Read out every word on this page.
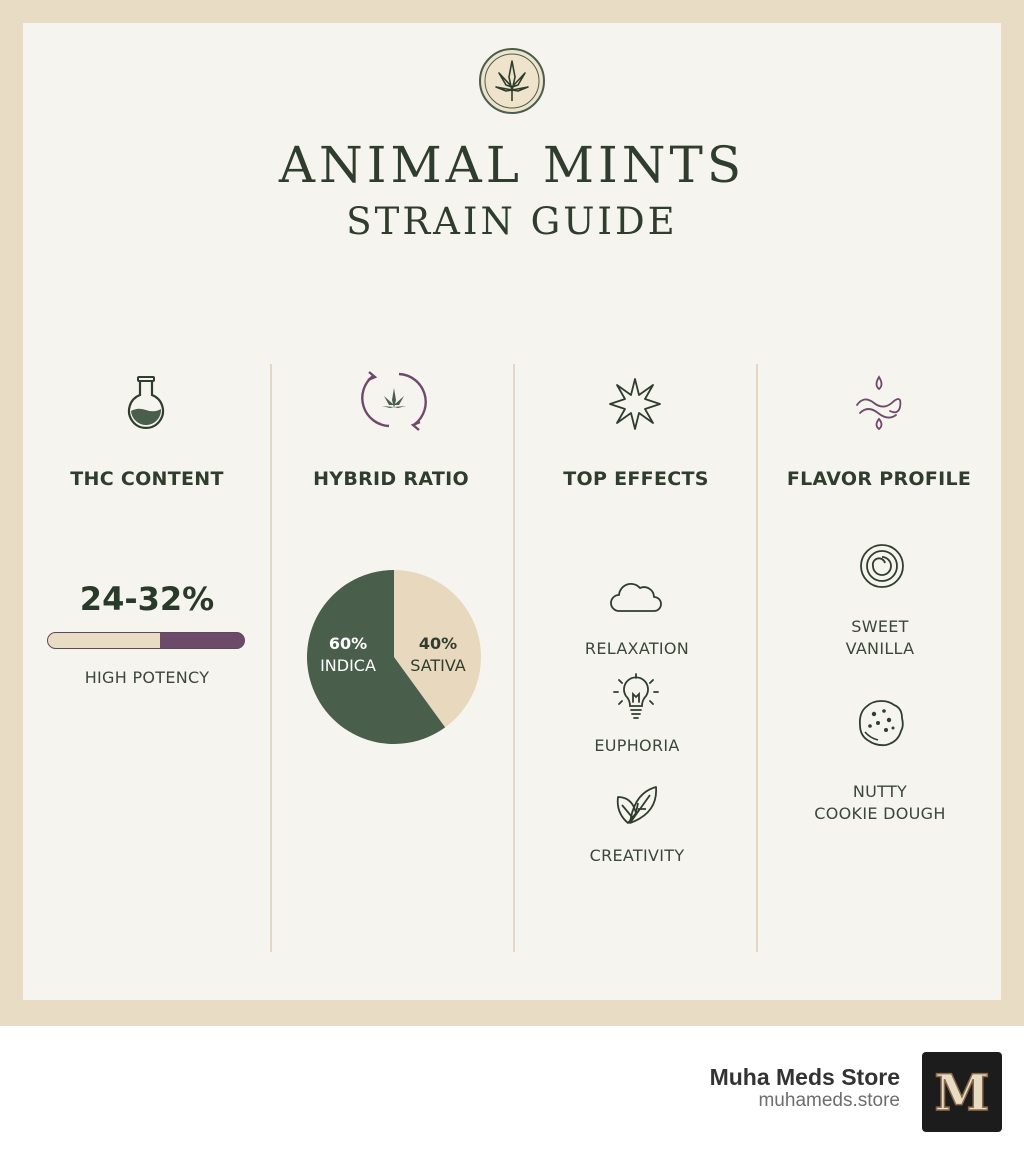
ANIMAL MINTS
STRAIN GUIDE
THC CONTENT
24-32%
HIGH POTENCY
HYBRID RATIO
60%
INDICA
40%
SATIVA
TOP EFFECTS
RELAXATION
EUPHORIA
CREATIVITY
FLAVOR PROFILE
SWEET
VANILLA
NUTTY
COOKIE DOUGH
Muha Meds Store
muhameds.store M
